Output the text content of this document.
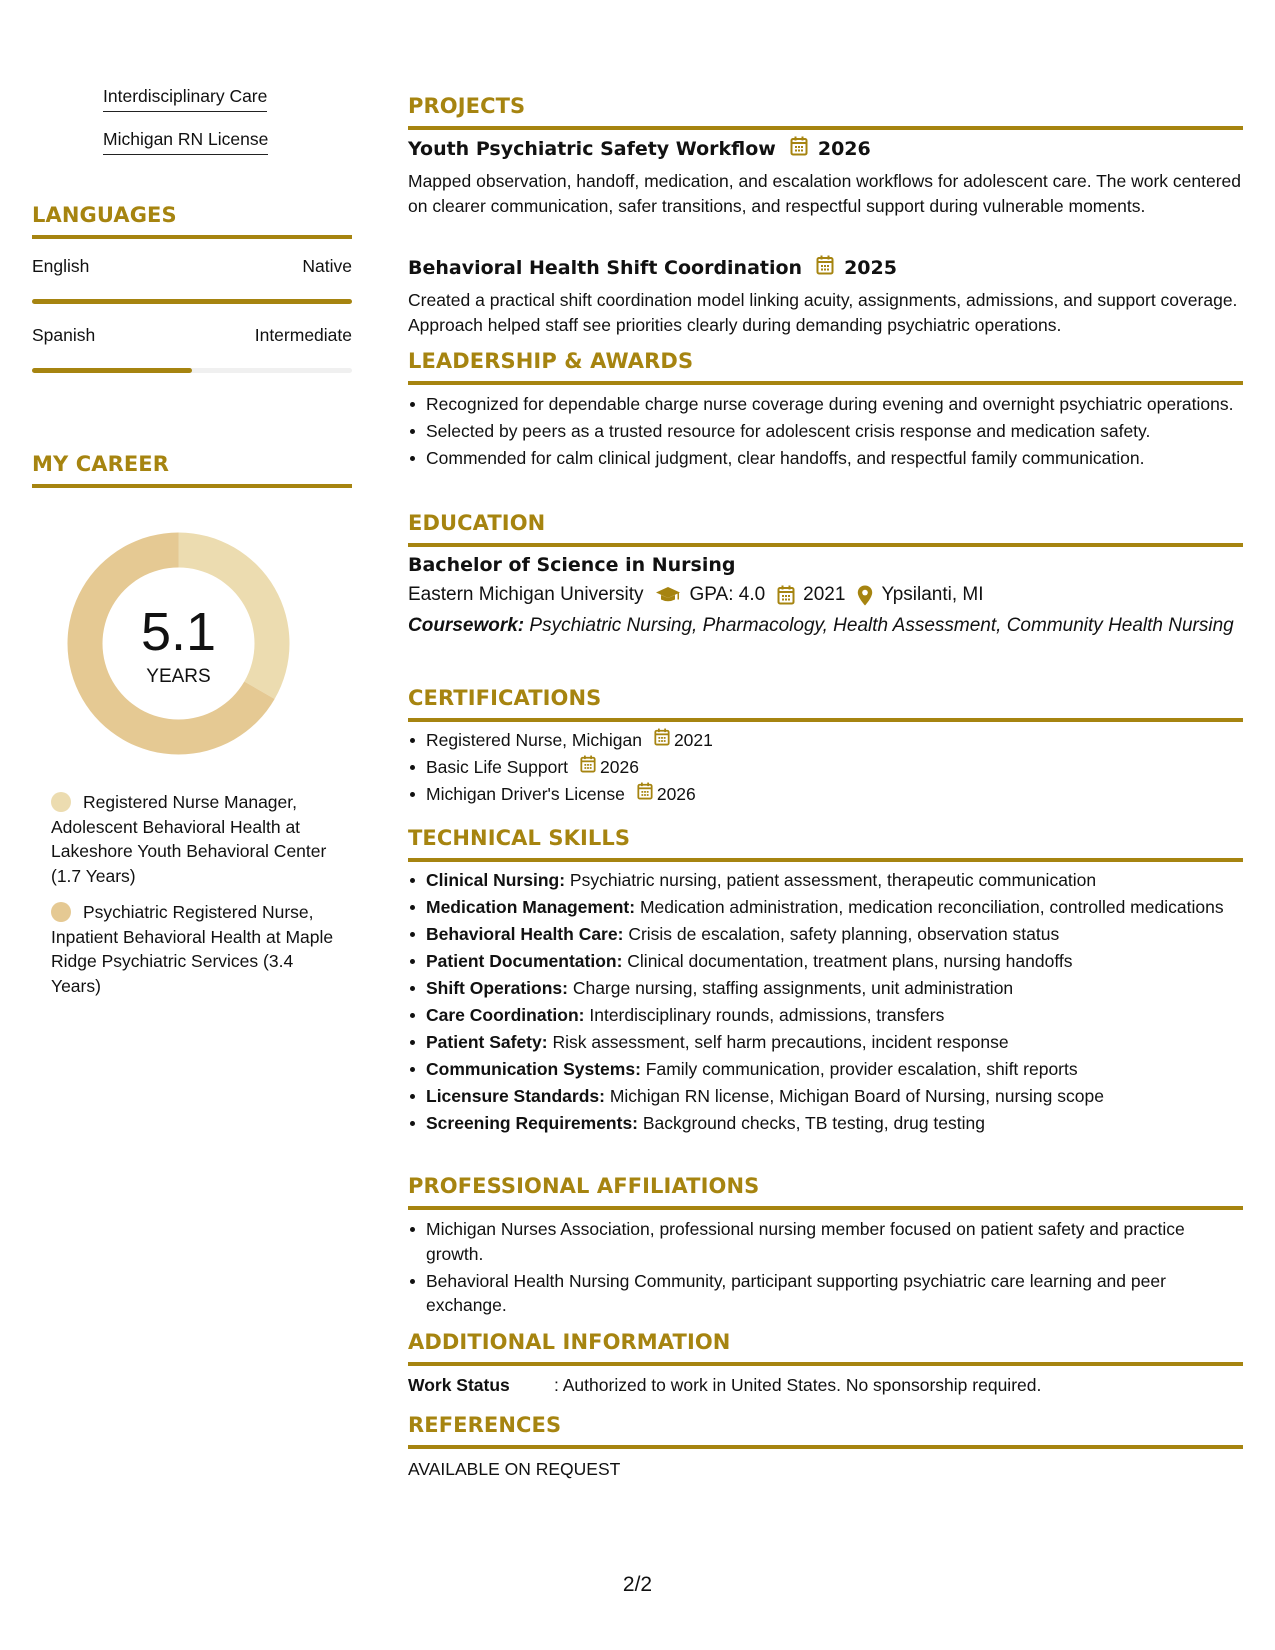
Interdisciplinary Care
Michigan RN License
LANGUAGES
English	Native
Spanish	Intermediate
MY CAREER
5.1
YEARS
Registered Nurse Manager, Adolescent Behavioral Health at Lakeshore Youth Behavioral Center (1.7 Years)
Psychiatric Registered Nurse, Inpatient Behavioral Health at Maple Ridge Psychiatric Services (3.4 Years)
PROJECTS
Youth Psychiatric Safety Workflow 2026
Mapped observation, handoff, medication, and escalation workflows for adolescent care. The work centered on clearer communication, safer transitions, and respectful support during vulnerable moments.
Behavioral Health Shift Coordination 2025
Created a practical shift coordination model linking acuity, assignments, admissions, and support coverage. Approach helped staff see priorities clearly during demanding psychiatric operations.
LEADERSHIP & AWARDS
Recognized for dependable charge nurse coverage during evening and overnight psychiatric operations.
Selected by peers as a trusted resource for adolescent crisis response and medication safety.
Commended for calm clinical judgment, clear handoffs, and respectful family communication.
EDUCATION
Bachelor of Science in Nursing
Eastern Michigan University GPA: 4.0 2021 Ypsilanti, MI
Coursework: Psychiatric Nursing, Pharmacology, Health Assessment, Community Health Nursing
CERTIFICATIONS
Registered Nurse, Michigan 2021
Basic Life Support 2026
Michigan Driver's License 2026
TECHNICAL SKILLS
Clinical Nursing: Psychiatric nursing, patient assessment, therapeutic communication
Medication Management: Medication administration, medication reconciliation, controlled medications
Behavioral Health Care: Crisis de escalation, safety planning, observation status
Patient Documentation: Clinical documentation, treatment plans, nursing handoffs
Shift Operations: Charge nursing, staffing assignments, unit administration
Care Coordination: Interdisciplinary rounds, admissions, transfers
Patient Safety: Risk assessment, self harm precautions, incident response
Communication Systems: Family communication, provider escalation, shift reports
Licensure Standards: Michigan RN license, Michigan Board of Nursing, nursing scope
Screening Requirements: Background checks, TB testing, drug testing
PROFESSIONAL AFFILIATIONS
Michigan Nurses Association, professional nursing member focused on patient safety and practice growth.
Behavioral Health Nursing Community, participant supporting psychiatric care learning and peer exchange.
ADDITIONAL INFORMATION
Work Status	: Authorized to work in United States. No sponsorship required.
REFERENCES
AVAILABLE ON REQUEST
2/2
